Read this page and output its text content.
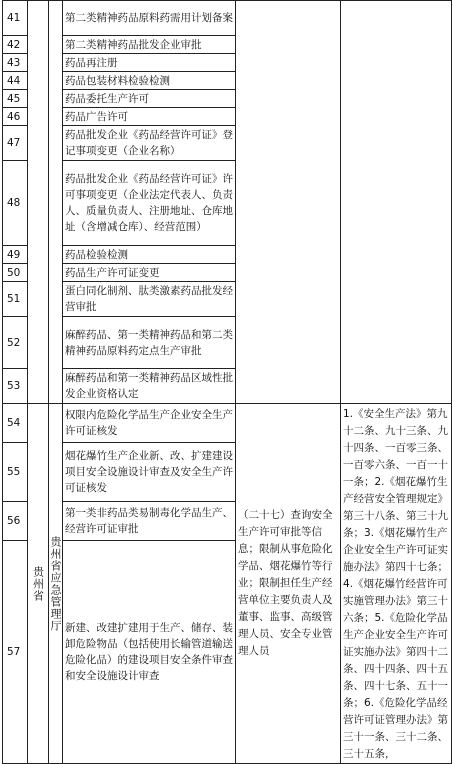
41			第二类精神药品原料药需用计划备案		
42			第二类精神药品批发企业审批		
43			药品再注册		
44			药品包装材料检验检测		
45			药品委托生产许可		
46			药品广告许可		
47			药品批发企业《药品经营许可证》登记事项变更（企业名称）		
48			药品批发企业《药品经营许可证》许可事项变更（企业法定代表人、负责人、质量负责人、注册地址、仓库地址（含增减仓库）、经营范围）		
49			药品检验检测		
50			药品生产许可证变更		
51			蛋白同化制剂、肽类激素药品批发经营审批		
52			麻醉药品、第一类精神药品和第二类精神药品原料药定点生产审批		
53			麻醉药品和第一类精神药品区域性批发企业资格认定		
54	贵州省	贵州省应急管理厅	权限内危险化学品生产企业安全生产许可证核发	（二十七）查询安全生产许可审批等信息；限制从事危险化学品、烟花爆竹等行业；限制担任生产经营单位主要负责人及董事、监事、高级管理人员、安全专业管理人员	1.《安全生产法》第九十二条、九十三条、九十四条、一百零三条、一百零六条、一百一十一条；2.《烟花爆竹生产经营安全管理规定》第三十八条、第三十九条；3.《烟花爆竹生产企业安全生产许可证实施办法》第四十七条；4.《烟花爆竹经营许可实施管理办法》第三十六条；5.《危险化学品生产企业安全生产许可证实施办法》第四十二条、四十四条、四十五条、四十七条、五十一条；6.《危险化学品经营许可证管理办法》第三十一条、三十二条、三十五条，
55			烟花爆竹生产企业新、改、扩建建设项目安全设施设计审查及安全生产许可证核发		
56			第一类非药品类易制毒化学品生产、经营许可证审批		
57			新建、改建扩建用于生产、储存、装卸危险物品（包括使用长输管道输送危险化品）的建设项目安全条件审查和安全设施设计审查		
